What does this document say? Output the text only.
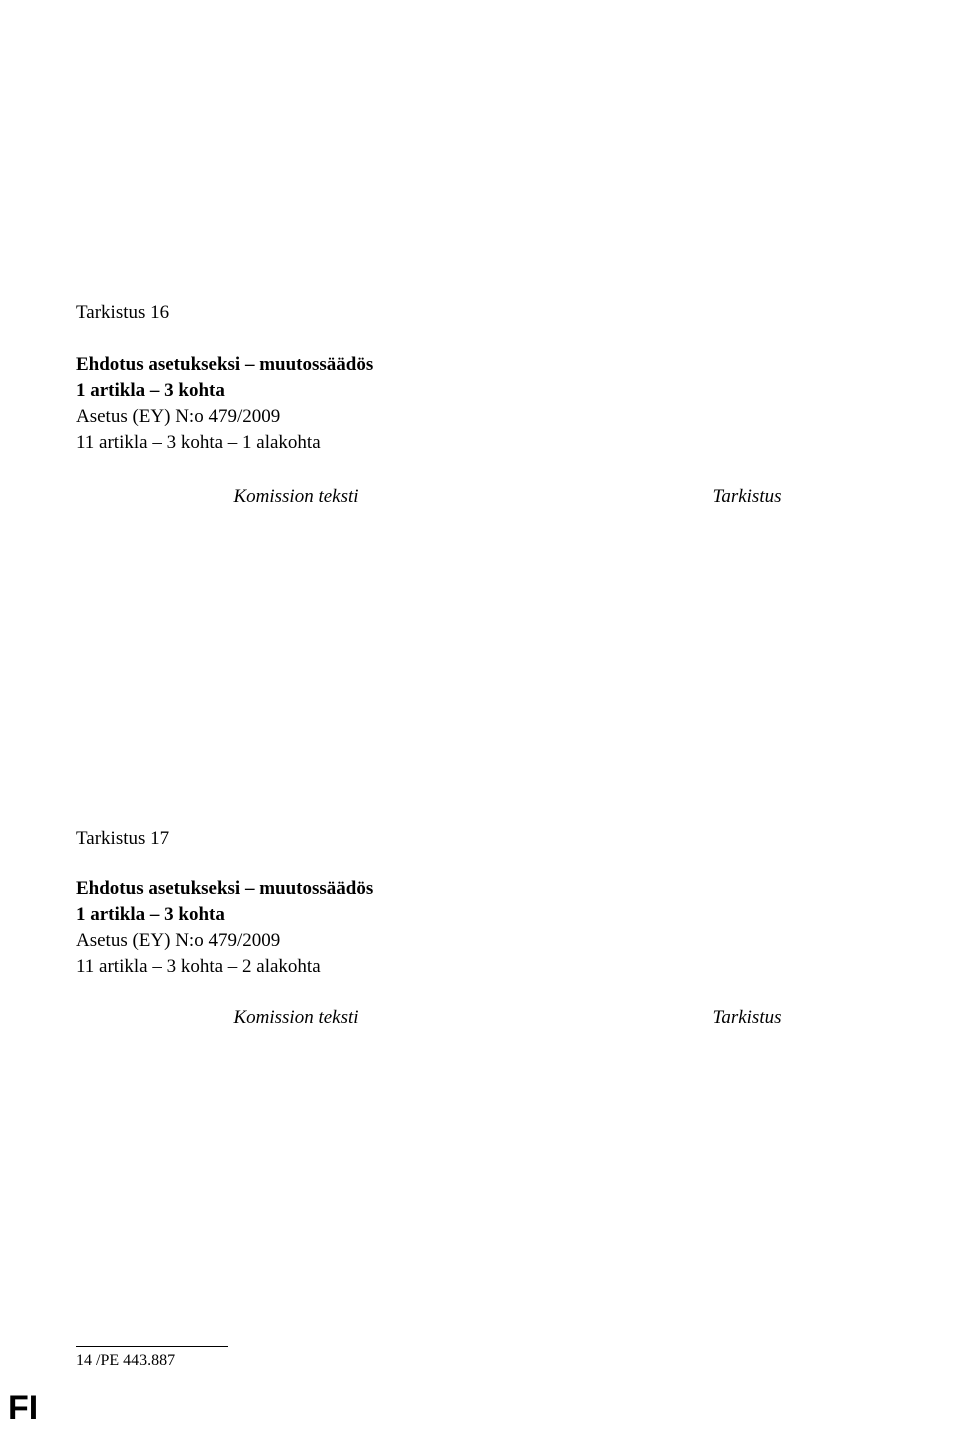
Tarkistus 16
Ehdotus asetukseksi – muutossäädös
1 artikla – 3 kohta
Asetus (EY) N:o 479/2009
11 artikla – 3 kohta – 1 alakohta
Komission teksti	Tarkistus

Tarkistus 17
Ehdotus asetukseksi – muutossäädös
1 artikla – 3 kohta
Asetus (EY) N:o 479/2009
11 artikla – 3 kohta – 2 alakohta
Komission teksti	Tarkistus

14 /PE 443.887
FI
